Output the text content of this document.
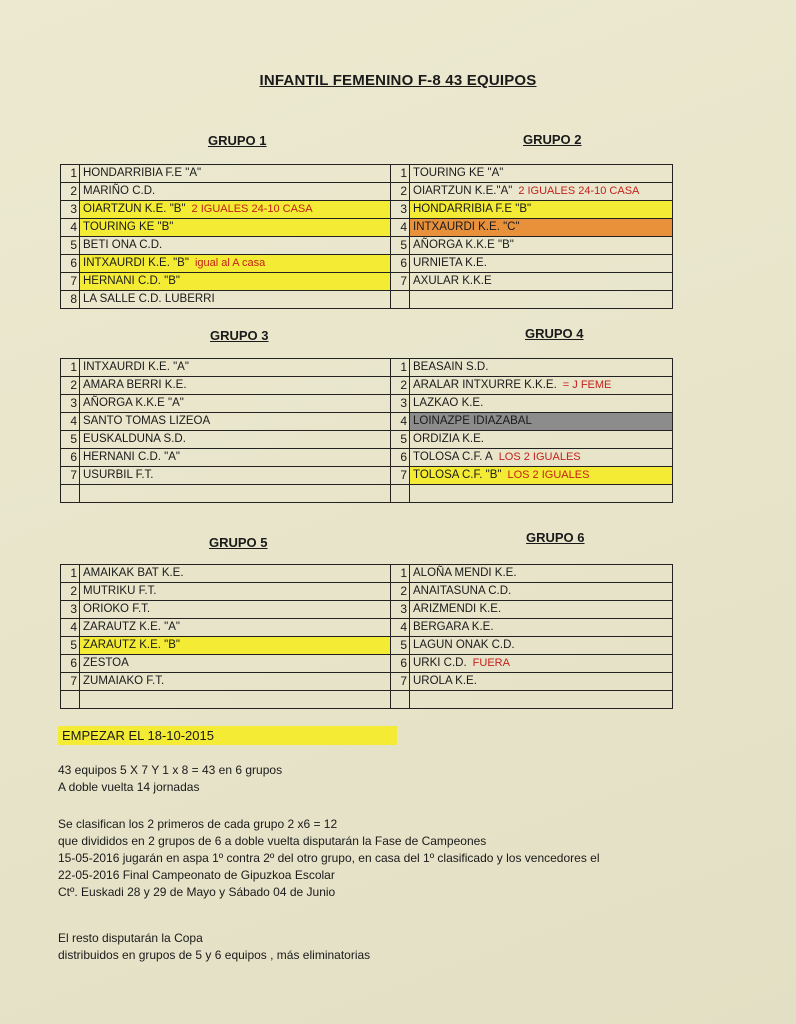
INFANTIL FEMENINO F-8 43 EQUIPOS
GRUPO 1	GRUPO 2
1	HONDARRIBIA F.E "A"	1	TOURING KE "A"
2	MARIÑO C.D.	2	OIARTZUN K.E."A" 2 IGUALES 24-10 CASA
3	OIARTZUN K.E. "B" 2 IGUALES 24-10 CASA	3	HONDARRIBIA F.E "B"
4	TOURING KE "B"	4	INTXAURDI K.E. "C"
5	BETI ONA C.D.	5	AÑORGA K.K.E "B"
6	INTXAURDI K.E. "B" igual al A casa	6	URNIETA K.E.
7	HERNANI C.D. "B"	7	AXULAR K.K.E
8	LA SALLE C.D. LUBERRI		
GRUPO 3	GRUPO 4
1	INTXAURDI K.E. "A"	1	BEASAIN S.D.
2	AMARA BERRI K.E.	2	ARALAR INTXURRE K.K.E. = J FEME
3	AÑORGA K.K.E "A"	3	LAZKAO K.E.
4	SANTO TOMAS LIZEOA	4	LOINAZPE IDIAZABAL
5	EUSKALDUNA S.D.	5	ORDIZIA K.E.
6	HERNANI C.D. "A"	6	TOLOSA C.F. A LOS 2 IGUALES
7	USURBIL F.T.	7	TOLOSA C.F. "B" LOS 2 IGUALES

GRUPO 5	GRUPO 6
1	AMAIKAK BAT K.E.	1	ALOÑA MENDI K.E.
2	MUTRIKU F.T.	2	ANAITASUNA C.D.
3	ORIOKO F.T.	3	ARIZMENDI K.E.
4	ZARAUTZ K.E. "A"	4	BERGARA K.E.
5	ZARAUTZ K.E. "B"	5	LAGUN ONAK C.D.
6	ZESTOA	6	URKI C.D. FUERA
7	ZUMAIAKO F.T.	7	UROLA K.E.

EMPEZAR EL 18-10-2015
43 equipos 5 X 7 Y 1 x 8 = 43 en 6 grupos
A doble vuelta 14 jornadas
Se clasifican los 2 primeros de cada grupo 2 x6 = 12
que divididos en 2 grupos de 6 a doble vuelta disputarán la Fase de Campeones
15-05-2016 jugarán en aspa 1º contra 2º del otro grupo, en casa del 1º clasificado y los vencedores el
22-05-2016 Final Campeonato de Gipuzkoa Escolar
Ctº. Euskadi 28 y 29 de Mayo y Sábado 04 de Junio
El resto disputarán la Copa
distribuidos en grupos de 5 y 6 equipos , más eliminatorias
